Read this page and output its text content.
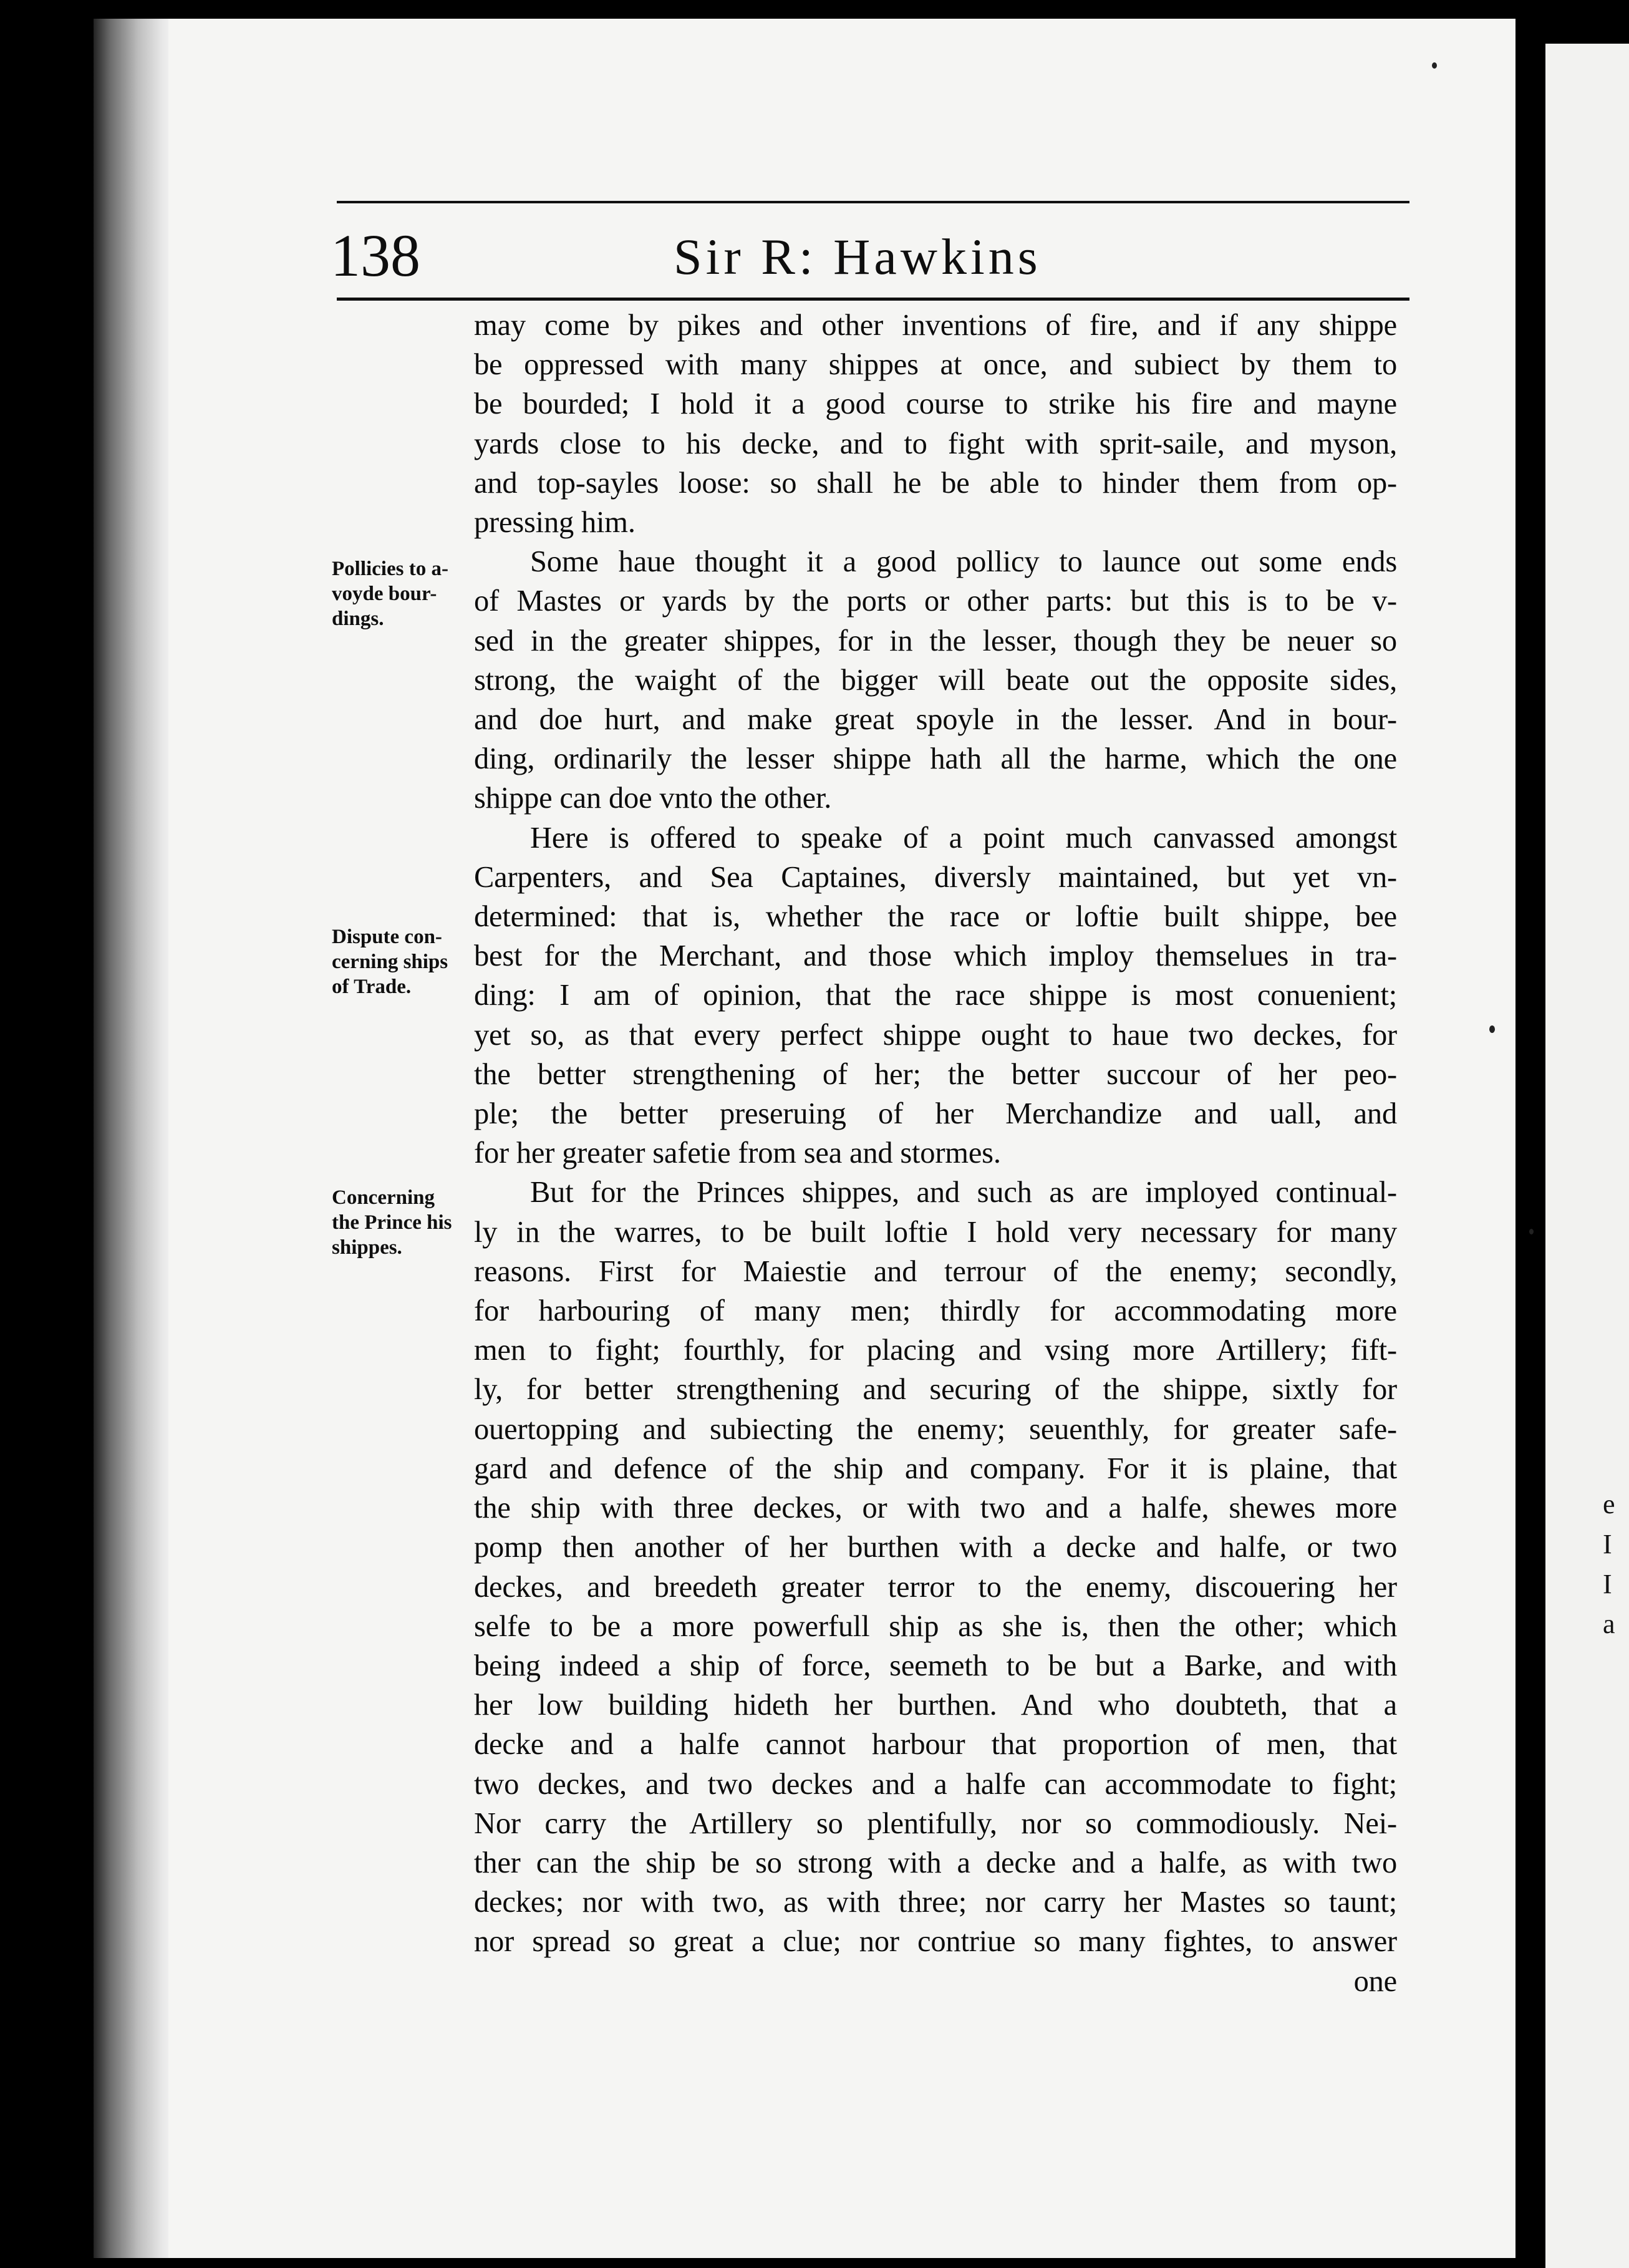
e
I
I
a
138	Sir R: Hawkins
Pollicies to a-
voyde bour-
dings.
Dispute con-
cerning ships
of Trade.
Concerning
the Prince his
shippes.
may come by pikes and other inventions of fire, and if any shippe
be oppressed with many shippes at once, and subiect by them to
be bourded; I hold it a good course to strike his fire and mayne
yards close to his decke, and to fight with sprit-saile, and myson,
and top-sayles loose: so shall he be able to hinder them from op-
pressing him.
Some haue thought it a good pollicy to launce out some ends
of Mastes or yards by the ports or other parts: but this is to be v-
sed in the greater shippes, for in the lesser, though they be neuer so
strong, the waight of the bigger will beate out the opposite sides,
and doe hurt, and make great spoyle in the lesser. And in bour-
ding, ordinarily the lesser shippe hath all the harme, which the one
shippe can doe vnto the other.
Here is offered to speake of a point much canvassed amongst
Carpenters, and Sea Captaines, diversly maintained, but yet vn-
determined: that is, whether the race or loftie built shippe, bee
best for the Merchant, and those which imploy themselues in tra-
ding: I am of opinion, that the race shippe is most conuenient;
yet so, as that every perfect shippe ought to haue two deckes, for
the better strengthening of her; the better succour of her peo-
ple; the better preseruing of her Merchandize and uall, and
for her greater safetie from sea and stormes.
But for the Princes shippes, and such as are imployed continual-
ly in the warres, to be built loftie I hold very necessary for many
reasons. First for Maiestie and terrour of the enemy; secondly,
for harbouring of many men; thirdly for accommodating more
men to fight; fourthly, for placing and vsing more Artillery; fift-
ly, for better strengthening and securing of the shippe, sixtly for
ouertopping and subiecting the enemy; seuenthly, for greater safe-
gard and defence of the ship and company. For it is plaine, that
the ship with three deckes, or with two and a halfe, shewes more
pomp then another of her burthen with a decke and halfe, or two
deckes, and breedeth greater terror to the enemy, discouering her
selfe to be a more powerfull ship as she is, then the other; which
being indeed a ship of force, seemeth to be but a Barke, and with
her low building hideth her burthen. And who doubteth, that a
decke and a halfe cannot harbour that proportion of men, that
two deckes, and two deckes and a halfe can accommodate to fight;
Nor carry the Artillery so plentifully, nor so commodiously. Nei-
ther can the ship be so strong with a decke and a halfe, as with two
deckes; nor with two, as with three; nor carry her Mastes so taunt;
nor spread so great a clue; nor contriue so many fightes, to answer
one
